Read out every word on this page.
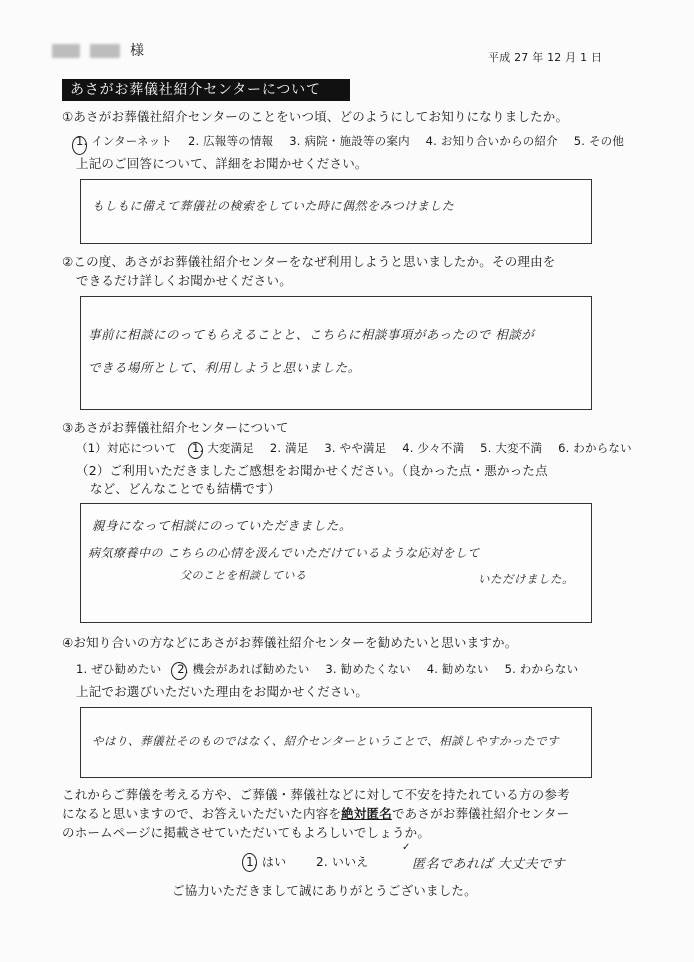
様	平成 27 年 12 月 1 日
あさがお葬儀社紹介センターについて
①あさがお葬儀社紹介センターのことをいつ頃、どのようにしてお知りになりましたか。
1. インターネット 2. 広報等の情報 3. 病院・施設等の案内 4. お知り合いからの紹介 5. その他
上記のご回答について、詳細をお聞かせください。
もしもに備えて葬儀社の検索をしていた時に偶然をみつけました
②この度、あさがお葬儀社紹介センターをなぜ利用しようと思いましたか。その理由を
できるだけ詳しくお聞かせください。
事前に相談にのってもらえることと、こちらに相談事項があったので 相談が
できる場所として、利用しようと思いました。
③あさがお葬儀社紹介センターについて
（1）対応について 1. 大変満足 2. 満足 3. やや満足 4. 少々不満 5. 大変不満 6. わからない
（2）ご利用いただきましたご感想をお聞かせください。（良かった点・悪かった点
など、どんなことでも結構です）
親身になって相談にのっていただきました。
病気療養中の こちらの心情を汲んでいただけているような応対をして
父のことを相談している	いただけました。
④お知り合いの方などにあさがお葬儀社紹介センターを勧めたいと思いますか。
1. ぜひ勧めたい 2. 機会があれば勧めたい 3. 勧めたくない 4. 勧めない 5. わからない
上記でお選びいただいた理由をお聞かせください。
やはり、葬儀社そのものではなく、紹介センターということで、相談しやすかったです
これからご葬儀を考える方や、ご葬儀・葬儀社などに対して不安を持たれている方の参考
になると思いますので、お答えいただいた内容を絶対匿名であさがお葬儀社紹介センター
のホームページに掲載させていただいてもよろしいでしょうか。
1. はい 2. いいえ
✓
匿名であれば 大丈夫です
ご協力いただきまして誠にありがとうございました。
